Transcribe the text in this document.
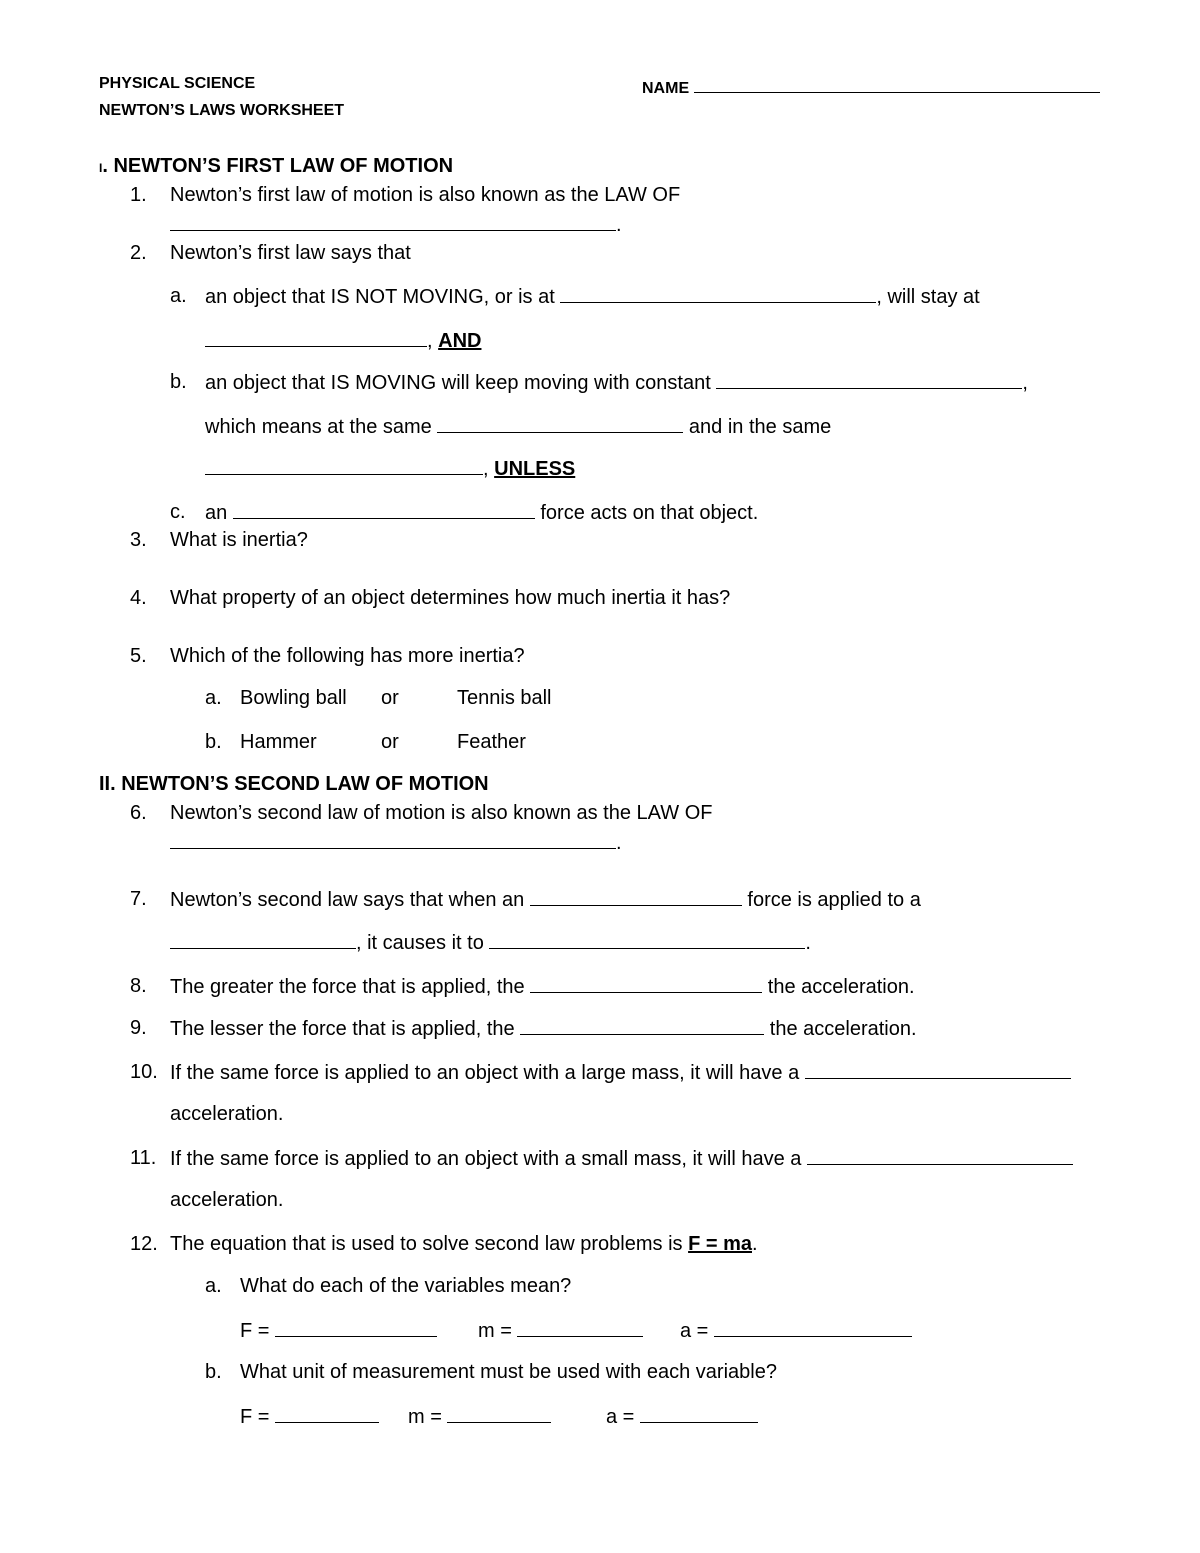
PHYSICAL SCIENCE
NEWTON’S LAWS WORKSHEET
NAME
I. NEWTON’S FIRST LAW OF MOTION
1. Newton’s first law of motion is also known as the LAW OF
.
2. Newton’s first law says that
a. an object that IS NOT MOVING, or is at	, will stay at
, AND
b. an object that IS MOVING will keep moving with constant	,
which means at the same	and in the same
, UNLESS
c. an	force acts on that object.
3. What is inertia?
4. What property of an object determines how much inertia it has?
5. Which of the following has more inertia?
a. Bowling ball or	Tennis ball
b. Hammer	or	Feather
II. NEWTON’S SECOND LAW OF MOTION
6. Newton’s second law of motion is also known as the LAW OF
.
7. Newton’s second law says that when an	force is applied to a
, it causes it to	.
8. The greater the force that is applied, the	the acceleration.
9. The lesser the force that is applied, the	the acceleration.
10. If the same force is applied to an object with a large mass, it will have a
acceleration.
11. If the same force is applied to an object with a small mass, it will have a
acceleration.
12. The equation that is used to solve second law problems is F = ma.
a. What do each of the variables mean?
F =	m =	a =
b. What unit of measurement must be used with each variable?
F =	m =	a =
